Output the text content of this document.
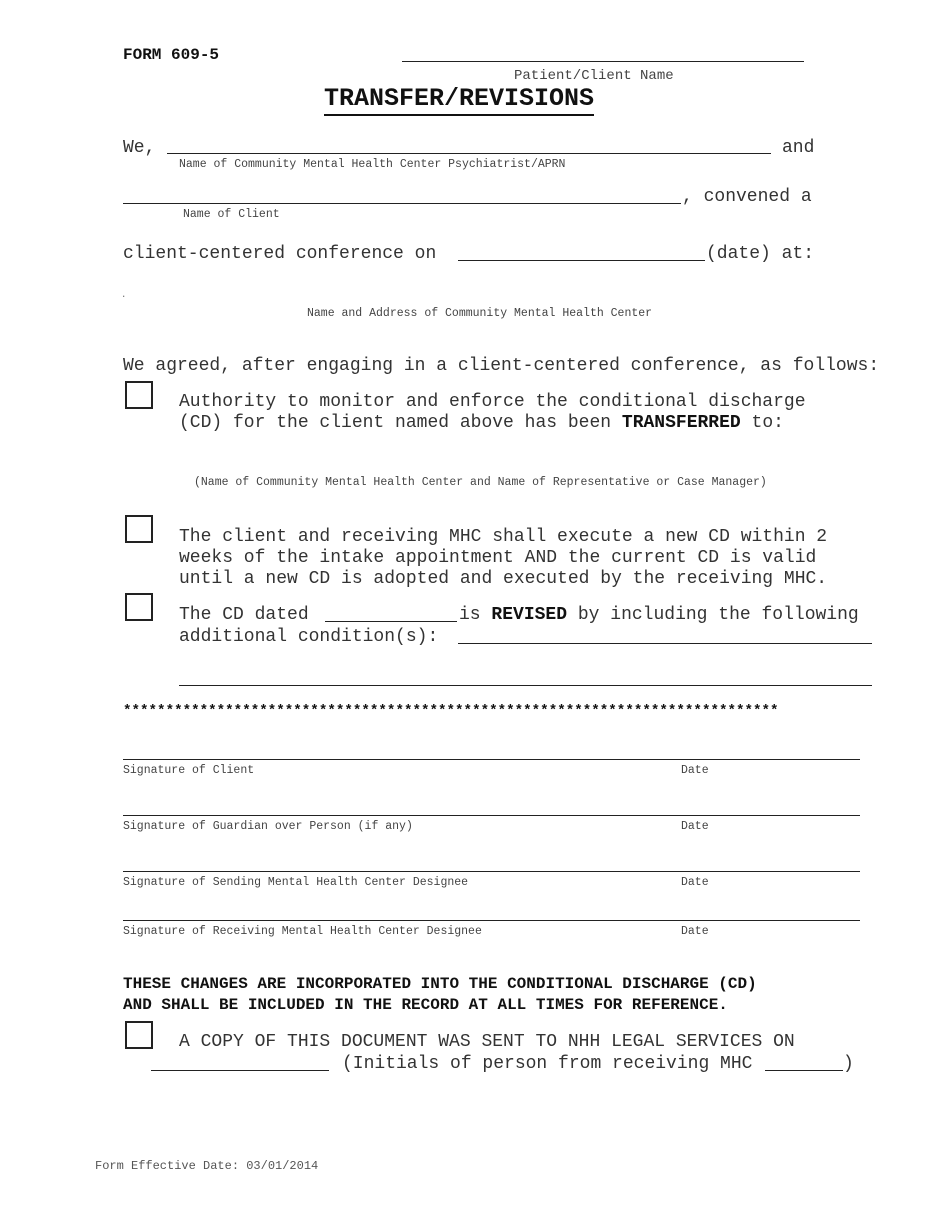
FORM 609-5
Patient/Client Name
TRANSFER/REVISIONS
We,	and
Name of Community Mental Health Center Psychiatrist/APRN
, convened a
Name of Client
client-centered conference on	(date) at:
.
Name and Address of Community Mental Health Center
We agreed, after engaging in a client-centered conference, as follows:
Authority to monitor and enforce the conditional discharge
(CD) for the client named above has been TRANSFERRED to:
(Name of Community Mental Health Center and Name of Representative or Case Manager)
The client and receiving MHC shall execute a new CD within 2
weeks of the intake appointment AND the current CD is valid
until a new CD is adopted and executed by the receiving MHC.
The CD dated	is REVISED by including the following
additional condition(s):
*****************************************************************************
Signature of Client	Date
Signature of Guardian over Person (if any)	Date
Signature of Sending Mental Health Center Designee	Date
Signature of Receiving Mental Health Center Designee	Date
THESE CHANGES ARE INCORPORATED INTO THE CONDITIONAL DISCHARGE (CD)
AND SHALL BE INCLUDED IN THE RECORD AT ALL TIMES FOR REFERENCE.
A COPY OF THIS DOCUMENT WAS SENT TO NHH LEGAL SERVICES ON
(Initials of person from receiving MHC	)
Form Effective Date: 03/01/2014
